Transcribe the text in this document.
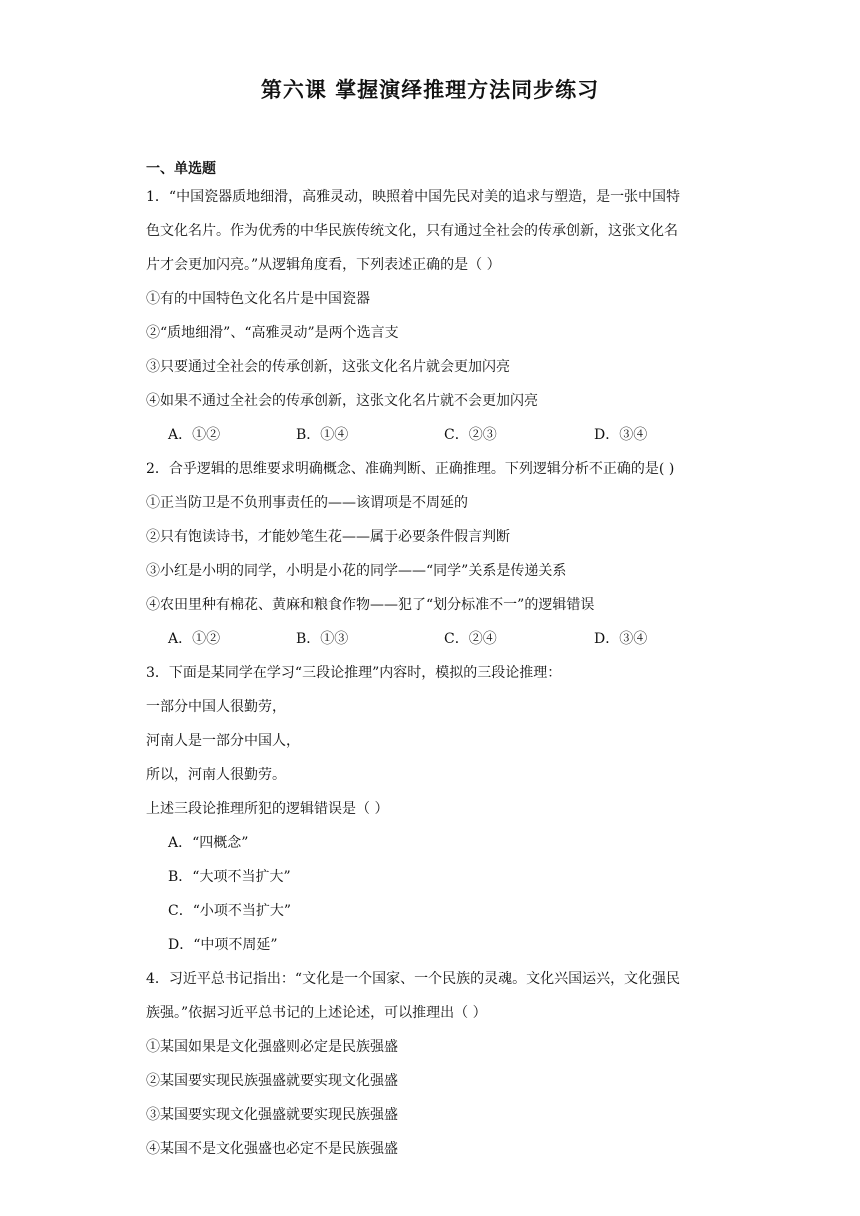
第六课 掌握演绎推理方法同步练习
一、单选题
1．“中国瓷器质地细滑，高雅灵动，映照着中国先民对美的追求与塑造，是一张中国特
色文化名片。作为优秀的中华民族传统文化，只有通过全社会的传承创新，这张文化名
片才会更加闪亮。”从逻辑角度看，下列表述正确的是（ ）
①有的中国特色文化名片是中国瓷器
②“质地细滑”、“高雅灵动”是两个选言支
③只要通过全社会的传承创新，这张文化名片就会更加闪亮
④如果不通过全社会的传承创新，这张文化名片就不会更加闪亮
A．①②	B．①④	C．②③	D．③④
2．合乎逻辑的思维要求明确概念、准确判断、正确推理。下列逻辑分析不正确的是( )
①正当防卫是不负刑事责任的——该谓项是不周延的
②只有饱读诗书，才能妙笔生花——属于必要条件假言判断
③小红是小明的同学，小明是小花的同学——“同学”关系是传递关系
④农田里种有棉花、黄麻和粮食作物——犯了“划分标准不一”的逻辑错误
A．①②	B．①③	C．②④	D．③④
3．下面是某同学在学习“三段论推理”内容时，模拟的三段论推理：
一部分中国人很勤劳，
河南人是一部分中国人，
所以，河南人很勤劳。
上述三段论推理所犯的逻辑错误是（ ）
A．“四概念”
B．“大项不当扩大”
C．“小项不当扩大”
D．“中项不周延”
4．习近平总书记指出：“文化是一个国家、一个民族的灵魂。文化兴国运兴，文化强民
族强。”依据习近平总书记的上述论述，可以推理出（ ）
①某国如果是文化强盛则必定是民族强盛
②某国要实现民族强盛就要实现文化强盛
③某国要实现文化强盛就要实现民族强盛
④某国不是文化强盛也必定不是民族强盛
